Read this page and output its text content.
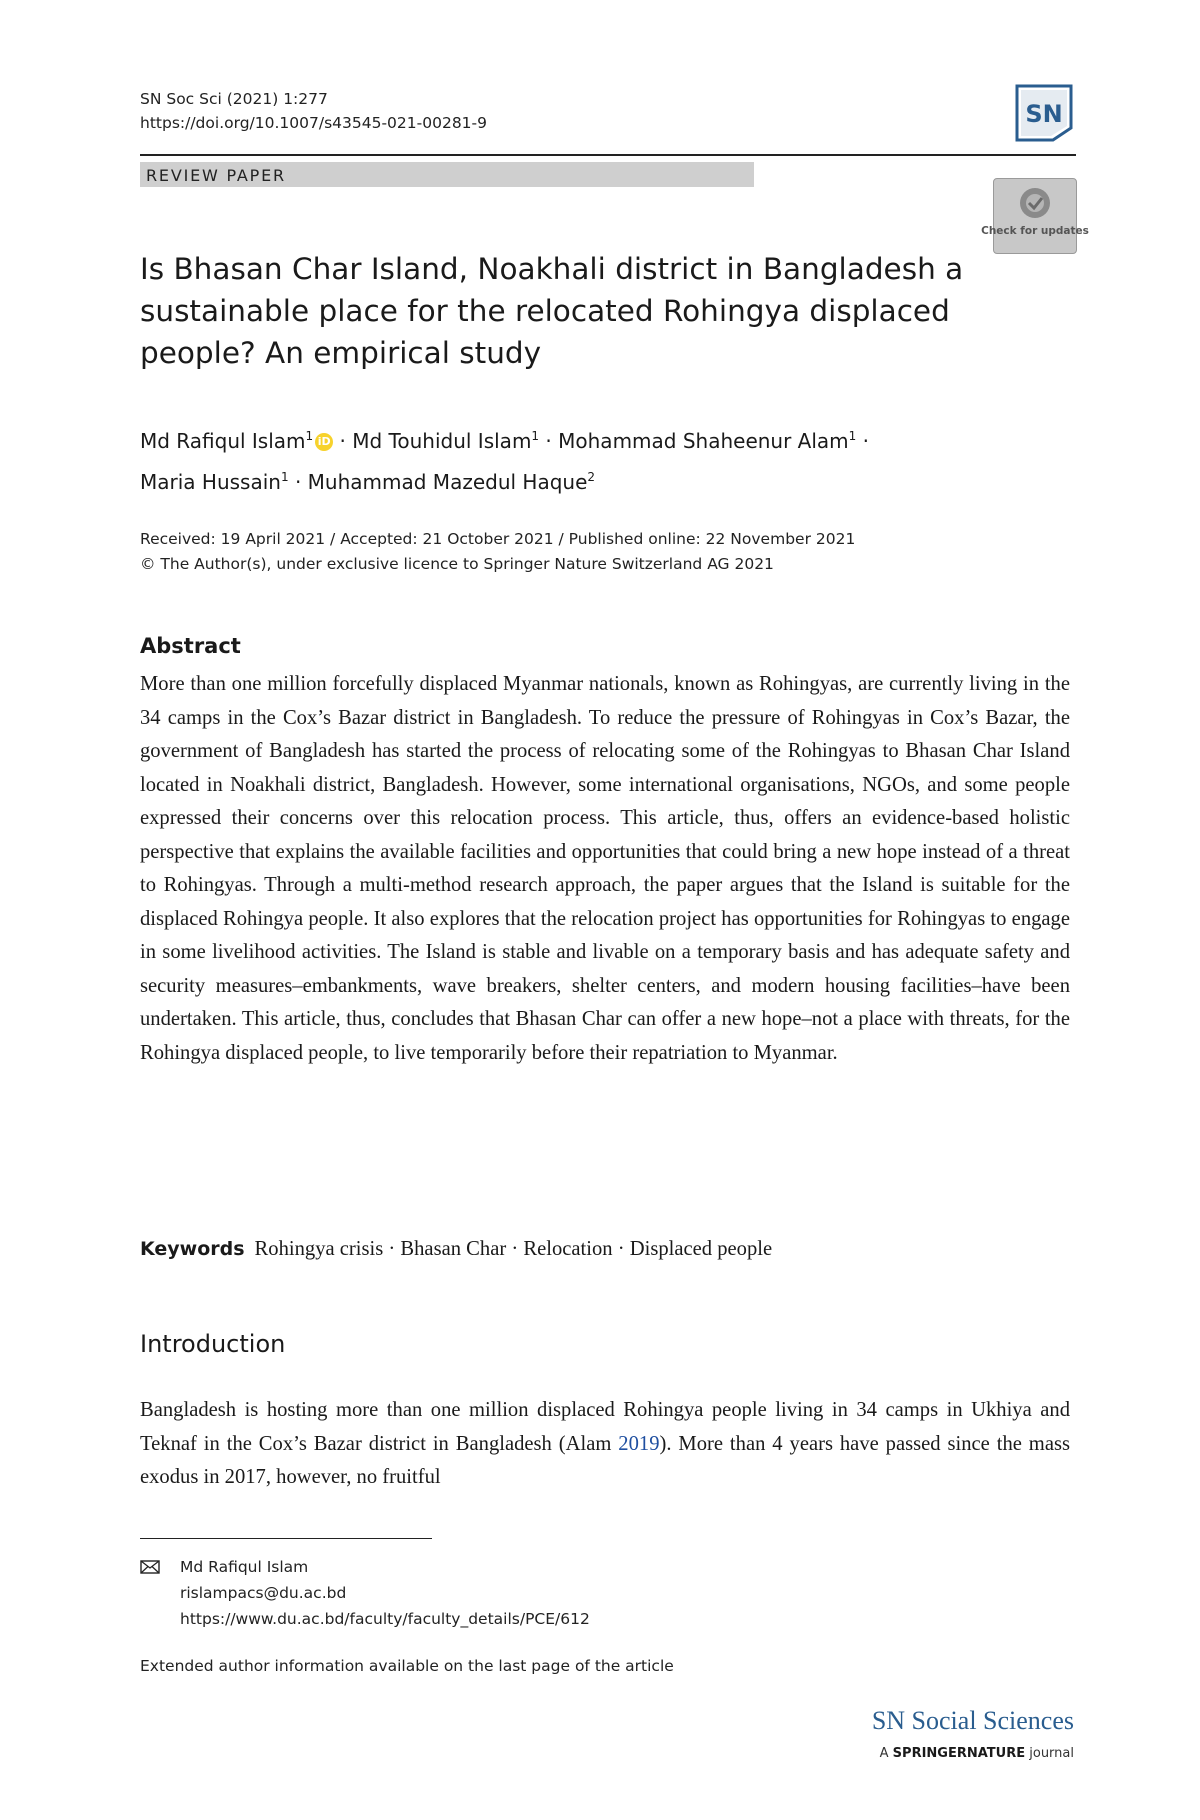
SN Soc Sci (2021) 1:277
https://doi.org/10.1007/s43545-021-00281-9	SN
REVIEW PAPER
Check for updates
Is Bhasan Char Island, Noakhali district in Bangladesh a sustainable place for the relocated Rohingya displaced people? An empirical study
Md Rafiqul Islam$^1$ iD · Md Touhidul Islam$^1$ · Mohammad Shaheenur Alam$^1$ ·
Maria Hussain$^1$ · Muhammad Mazedul Haque$^2$
Received: 19 April 2021 / Accepted: 21 October 2021 / Published online: 22 November 2021
© The Author(s), under exclusive licence to Springer Nature Switzerland AG 2021
Abstract
More than one million forcefully displaced Myanmar nationals, known as Rohingyas, are currently living in the 34 camps in the Cox’s Bazar district in Bangladesh. To reduce the pressure of Rohingyas in Cox’s Bazar, the government of Bangladesh has started the process of relocating some of the Rohingyas to Bhasan Char Island located in Noakhali district, Bangladesh. However, some international organisations, NGOs, and some people expressed their concerns over this relocation process. This article, thus, offers an evidence-based holistic perspective that explains the available facilities and opportunities that could bring a new hope instead of a threat to Rohingyas. Through a multi-method research approach, the paper argues that the Island is suitable for the displaced Rohingya people. It also explores that the relocation project has opportunities for Rohingyas to engage in some livelihood activities. The Island is stable and livable on a temporary basis and has adequate safety and security measures–embankments, wave breakers, shelter centers, and modern housing facilities–have been undertaken. This article, thus, concludes that Bhasan Char can offer a new hope–not a place with threats, for the Rohingya displaced people, to live temporarily before their repatriation to Myanmar.
Keywords Rohingya crisis · Bhasan Char · Relocation · Displaced people
Introduction
Bangladesh is hosting more than one million displaced Rohingya people living in 34 camps in Ukhiya and Teknaf in the Cox’s Bazar district in Bangladesh (Alam 2019). More than 4 years have passed since the mass exodus in 2017, however, no fruitful
Md Rafiqul Islam
rislampacs@du.ac.bd
https://www.du.ac.bd/faculty/faculty_details/PCE/612
Extended author information available on the last page of the article
SN Social Sciences
A SPRINGERNATURE journal
